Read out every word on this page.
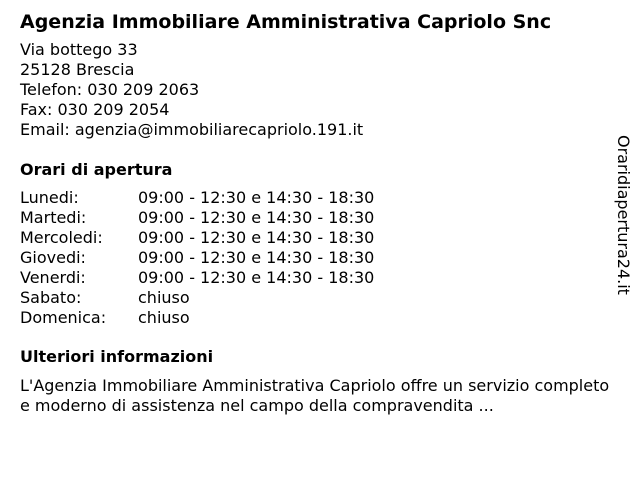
Agenzia Immobiliare Amministrativa Capriolo Snc
Via bottego 33
25128 Brescia
Telefon: 030 209 2063
Fax: 030 209 2054
Email: agenzia@immobiliarecapriolo.191.it
Orari di apertura
Lunedi:	09:00 - 12:30 e 14:30 - 18:30
Martedi:	09:00 - 12:30 e 14:30 - 18:30
Mercoledi:	09:00 - 12:30 e 14:30 - 18:30
Giovedi:	09:00 - 12:30 e 14:30 - 18:30
Venerdi:	09:00 - 12:30 e 14:30 - 18:30
Sabato:	chiuso
Domenica:	chiuso
Ulteriori informazioni
L'Agenzia Immobiliare Amministrativa Capriolo offre un servizio completo e moderno di assistenza nel campo della compravendita ...
Oraridiapertura24.it
